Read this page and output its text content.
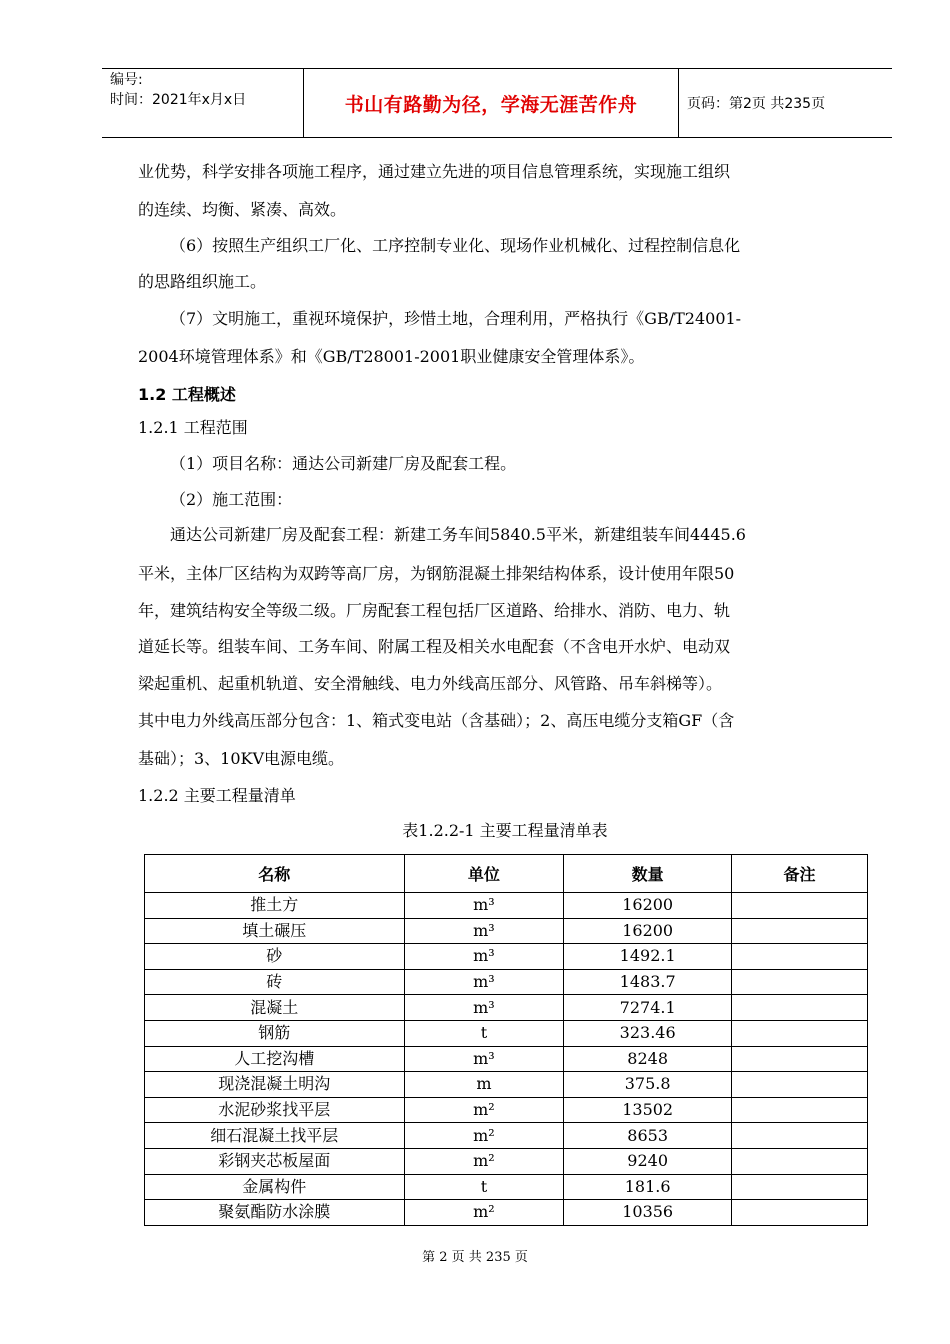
编号:
时间：2021年x月x日	书山有路勤为径，学海无涯苦作舟	页码：第2页 共235页
业优势，科学安排各项施工程序，通过建立先进的项目信息管理系统，实现施工组织
的连续、均衡、紧凑、高效。
（6）按照生产组织工厂化、工序控制专业化、现场作业机械化、过程控制信息化
的思路组织施工。
（7）文明施工，重视环境保护，珍惜土地，合理利用，严格执行《GB/T24001-
2004环境管理体系》和《GB/T28001-2001职业健康安全管理体系》。
1.2 工程概述
1.2.1 工程范围
（1）项目名称：通达公司新建厂房及配套工程。
（2）施工范围：
通达公司新建厂房及配套工程：新建工务车间5840.5平米，新建组装车间4445.6
平米，主体厂区结构为双跨等高厂房，为钢筋混凝土排架结构体系，设计使用年限50
年，建筑结构安全等级二级。厂房配套工程包括厂区道路、给排水、消防、电力、轨
道延长等。组装车间、工务车间、附属工程及相关水电配套（不含电开水炉、电动双
梁起重机、起重机轨道、安全滑触线、电力外线高压部分、风管路、吊车斜梯等）。
其中电力外线高压部分包含：1、箱式变电站（含基础）；2、高压电缆分支箱GF（含
基础）；3、10KV电源电缆。
1.2.2 主要工程量清单
表1.2.2-1 主要工程量清单表
名称	单位	数量	备注
推土方	m³	16200	
填土碾压	m³	16200	
砂	m³	1492.1	
砖	m³	1483.7	
混凝土	m³	7274.1	
钢筋	t	323.46	
人工挖沟槽	m³	8248	
现浇混凝土明沟	m	375.8	
水泥砂浆找平层	m²	13502	
细石混凝土找平层	m²	8653	
彩钢夹芯板屋面	m²	9240	
金属构件	t	181.6	
聚氨酯防水涂膜	m²	10356	
第 2 页 共 235 页
